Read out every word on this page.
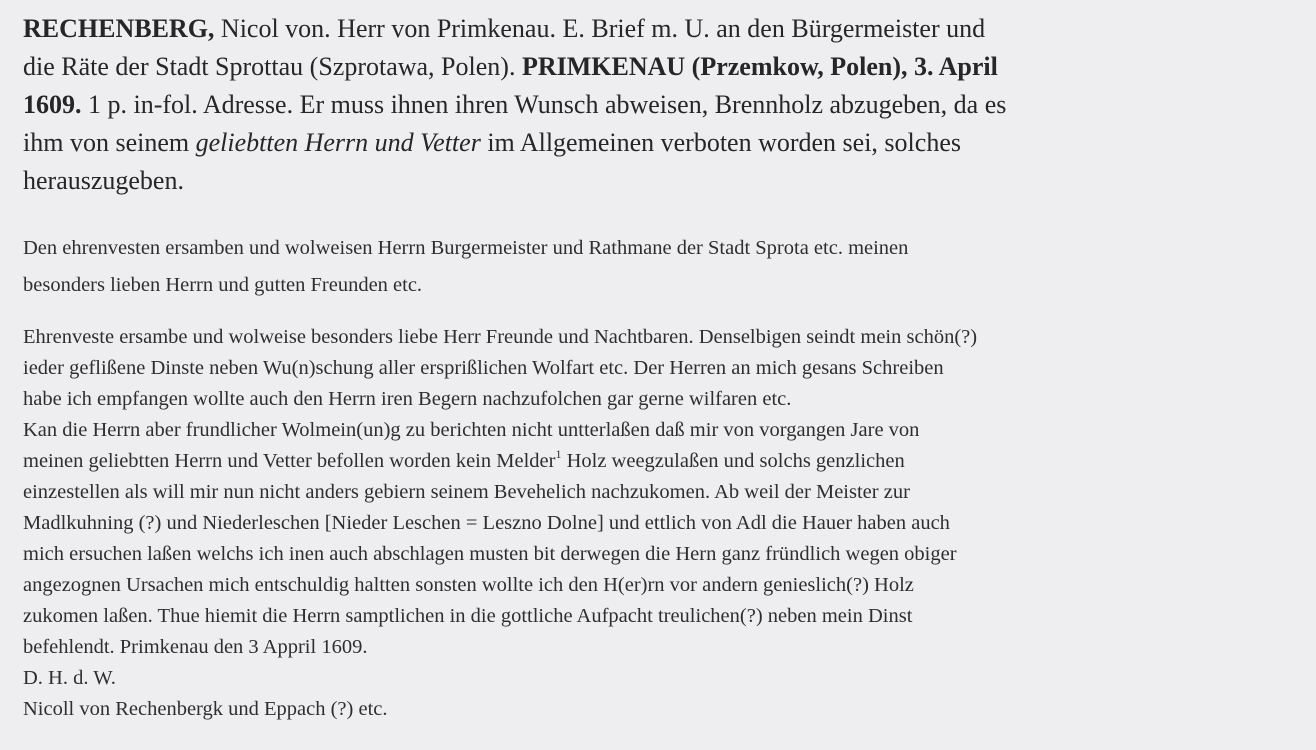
RECHENBERG, Nicol von. Herr von Primkenau. E. Brief m. U. an den Bürgermeister und
die Räte der Stadt Sprottau (Szprotawa, Polen). PRIMKENAU (Przemkow, Polen), 3. April
1609. 1 p. in-fol. Adresse. Er muss ihnen ihren Wunsch abweisen, Brennholz abzugeben, da es
ihm von seinem geliebtten Herrn und Vetter im Allgemeinen verboten worden sei, solches
herauszugeben.
Den ehrenvesten ersamben und wolweisen Herrn Burgermeister und Rathmane der Stadt Sprota etc. meinen
besonders lieben Herrn und gutten Freunden etc.
Ehrenveste ersambe und wolweise besonders liebe Herr Freunde und Nachtbaren. Denselbigen seindt mein schön(?)
ieder geflißene Dinste neben Wu(n)schung aller ersprißlichen Wolfart etc. Der Herren an mich gesans Schreiben
habe ich empfangen wollte auch den Herrn iren Begern nachzufolchen gar gerne wilfaren etc.
Kan die Herrn aber frundlicher Wolmein(un)g zu berichten nicht untterlaßen daß mir von vorgangen Jare von
meinen geliebtten Herrn und Vetter befollen worden kein Melder$^1$ Holz weegzulaßen und solchs genzlichen
einzestellen als will mir nun nicht anders gebiern seinem Bevehelich nachzukomen. Ab weil der Meister zur
Madlkuhning (?) und Niederleschen [Nieder Leschen = Leszno Dolne] und ettlich von Adl die Hauer haben auch
mich ersuchen laßen welchs ich inen auch abschlagen musten bit derwegen die Hern ganz fründlich wegen obiger
angezognen Ursachen mich entschuldig haltten sonsten wollte ich den H(er)rn vor andern genieslich(?) Holz
zukomen laßen. Thue hiemit die Herrn samptlichen in die gottliche Aufpacht treulichen(?) neben mein Dinst
befehlendt. Primkenau den 3 Appril 1609.
D. H. d. W.
Nicoll von Rechenbergk und Eppach (?) etc.
